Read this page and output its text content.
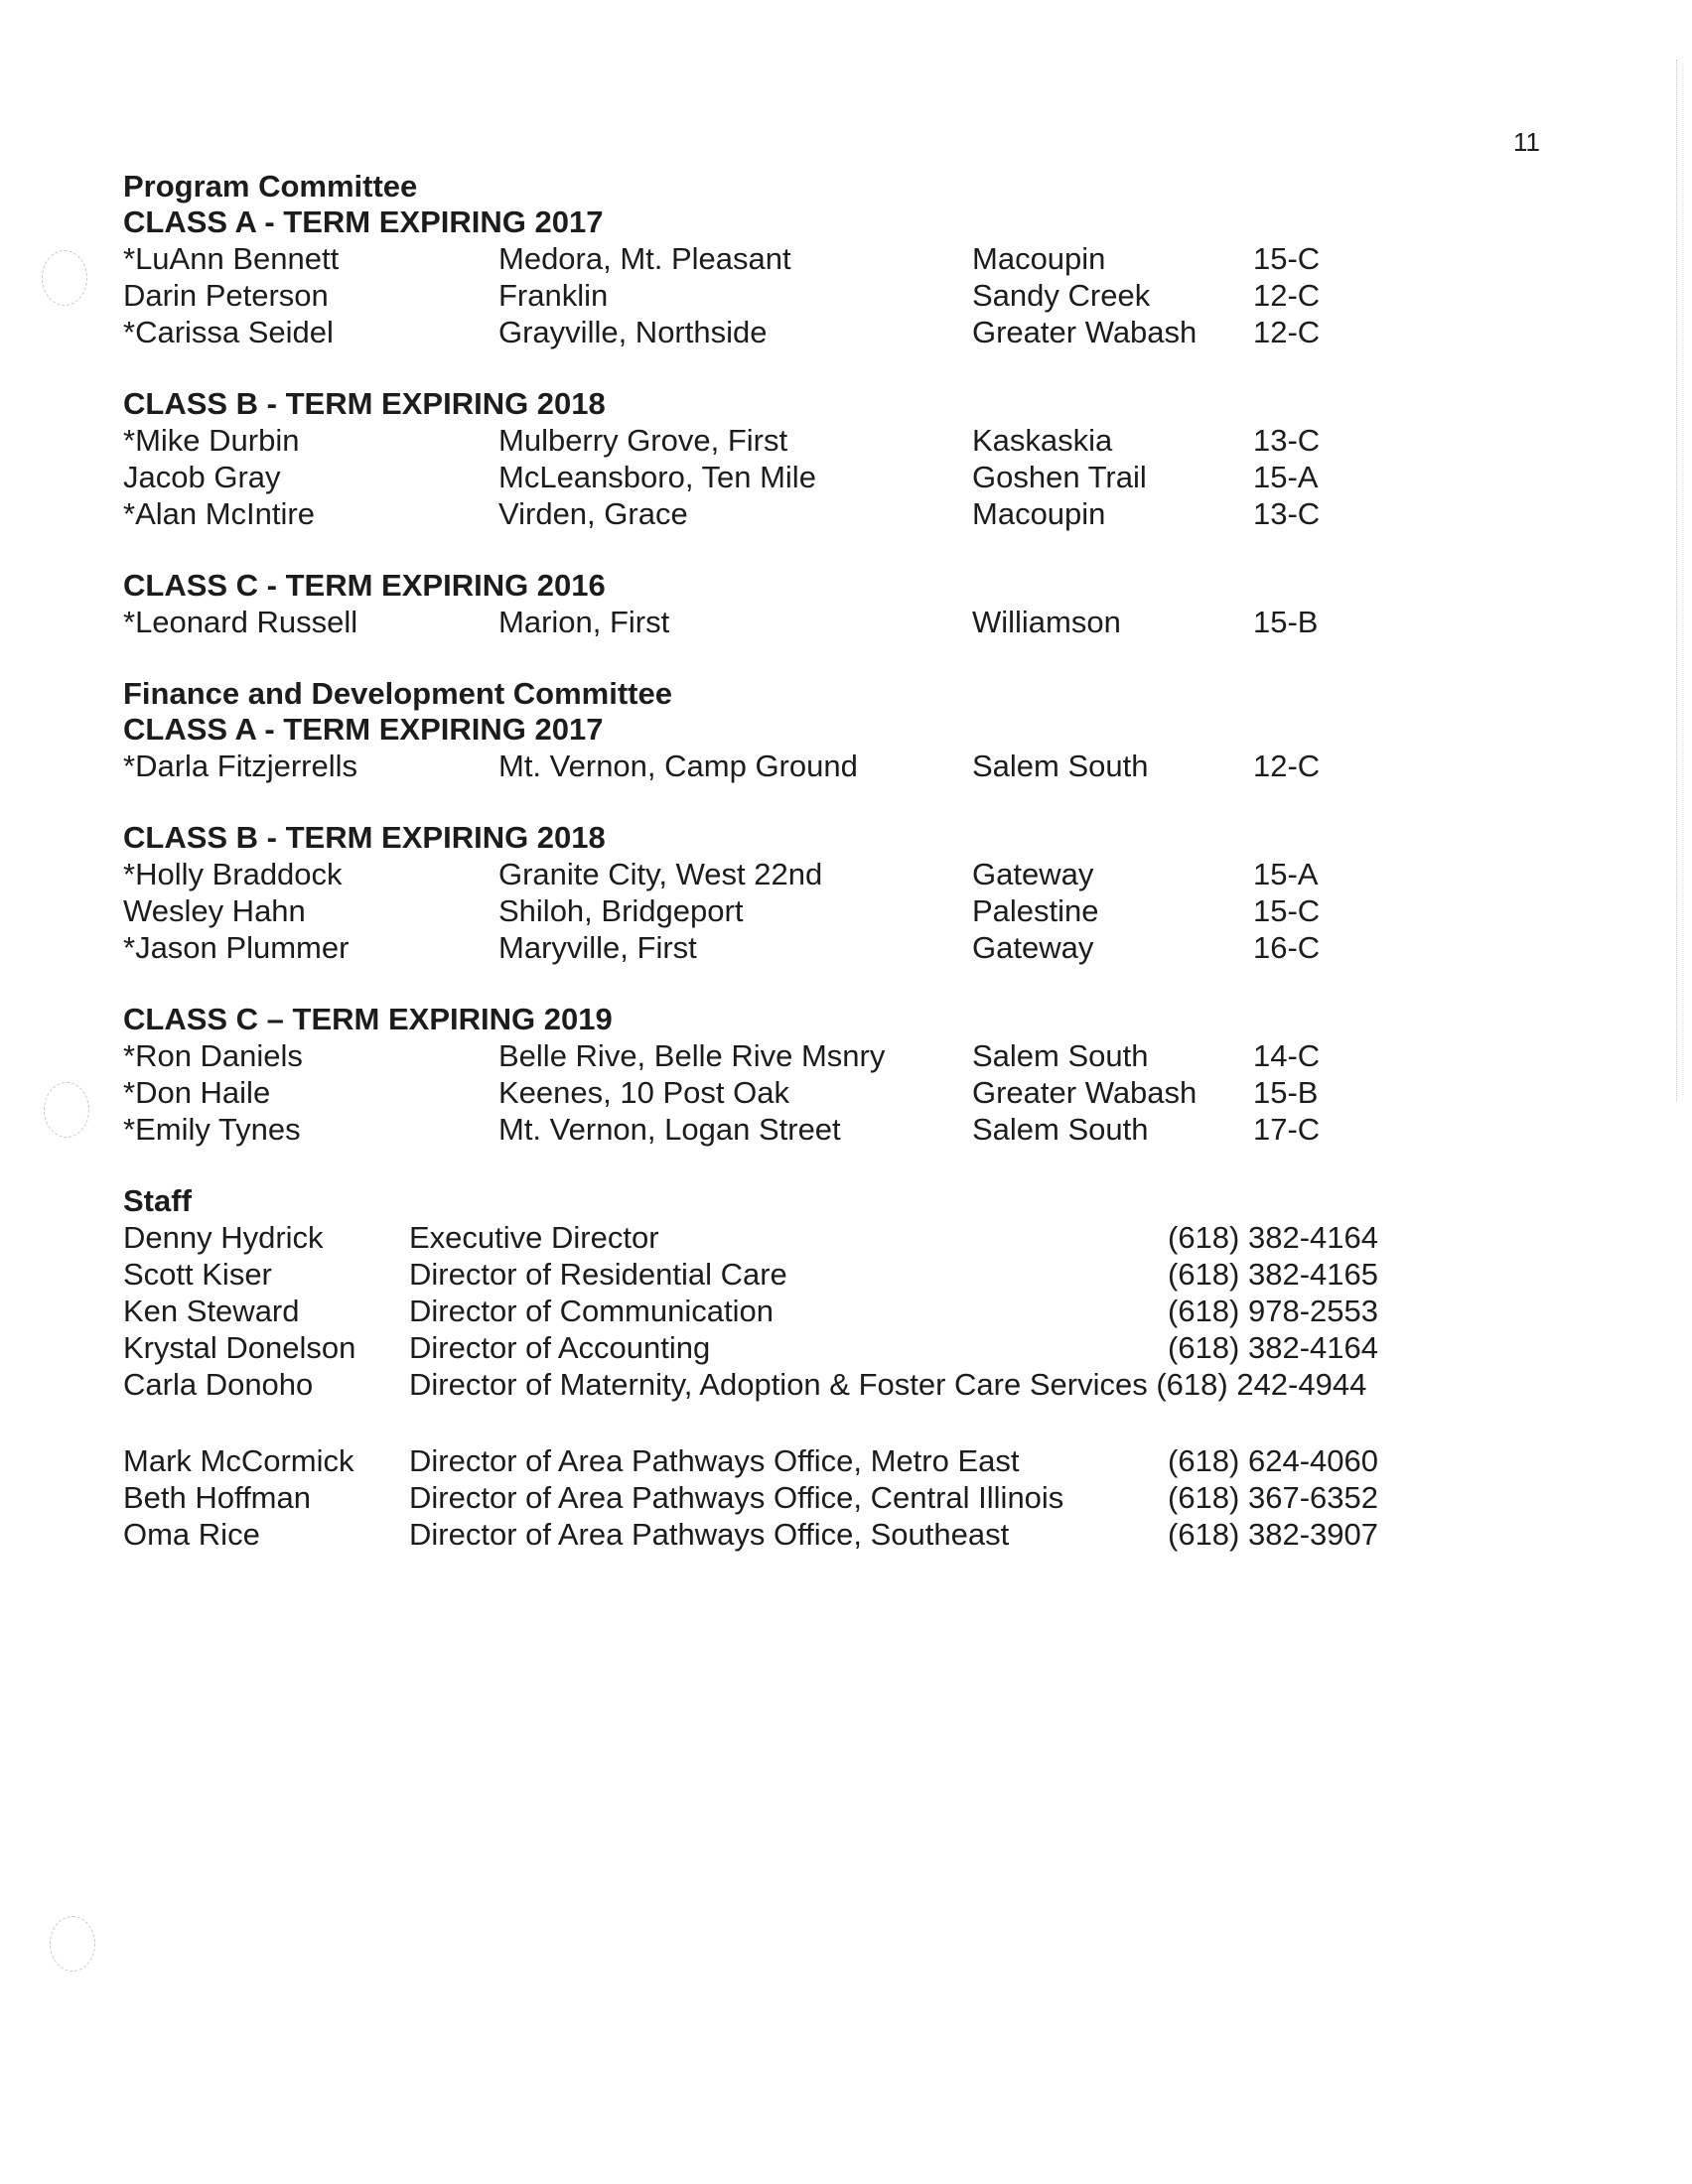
11
Program Committee
CLASS A - TERM EXPIRING 2017
*LuAnn Bennett	Medora, Mt. Pleasant	Macoupin	15-C
Darin Peterson	Franklin	Sandy Creek	12-C
*Carissa Seidel	Grayville, Northside	Greater Wabash 12-C
CLASS B - TERM EXPIRING 2018
*Mike Durbin	Mulberry Grove, First	Kaskaskia	13-C
Jacob Gray	McLeansboro, Ten Mile	Goshen Trail	15-A
*Alan McIntire	Virden, Grace	Macoupin	13-C
CLASS C - TERM EXPIRING 2016
*Leonard Russell	Marion, First	Williamson	15-B
Finance and Development Committee
CLASS A - TERM EXPIRING 2017
*Darla Fitzjerrells	Mt. Vernon, Camp Ground	Salem South	12-C
CLASS B - TERM EXPIRING 2018
*Holly Braddock	Granite City, West 22nd	Gateway	15-A
Wesley Hahn	Shiloh, Bridgeport	Palestine	15-C
*Jason Plummer	Maryville, First	Gateway	16-C
CLASS C – TERM EXPIRING 2019
*Ron Daniels	Belle Rive, Belle Rive Msnry	Salem South	14-C
*Don Haile	Keenes, 10 Post Oak	Greater Wabash 15-B
*Emily Tynes	Mt. Vernon, Logan Street	Salem South	17-C
Staff
Denny Hydrick	Executive Director	(618) 382-4164
Scott Kiser	Director of Residential Care	(618) 382-4165
Ken Steward	Director of Communication	(618) 978-2553
Krystal Donelson Director of Accounting	(618) 382-4164
Carla Donoho	Director of Maternity, Adoption & Foster Care Services (618) 242-4944
Mark McCormick Director of Area Pathways Office, Metro East	(618) 624-4060
Beth Hoffman	Director of Area Pathways Office, Central Illinois	(618) 367-6352
Oma Rice	Director of Area Pathways Office, Southeast	(618) 382-3907
